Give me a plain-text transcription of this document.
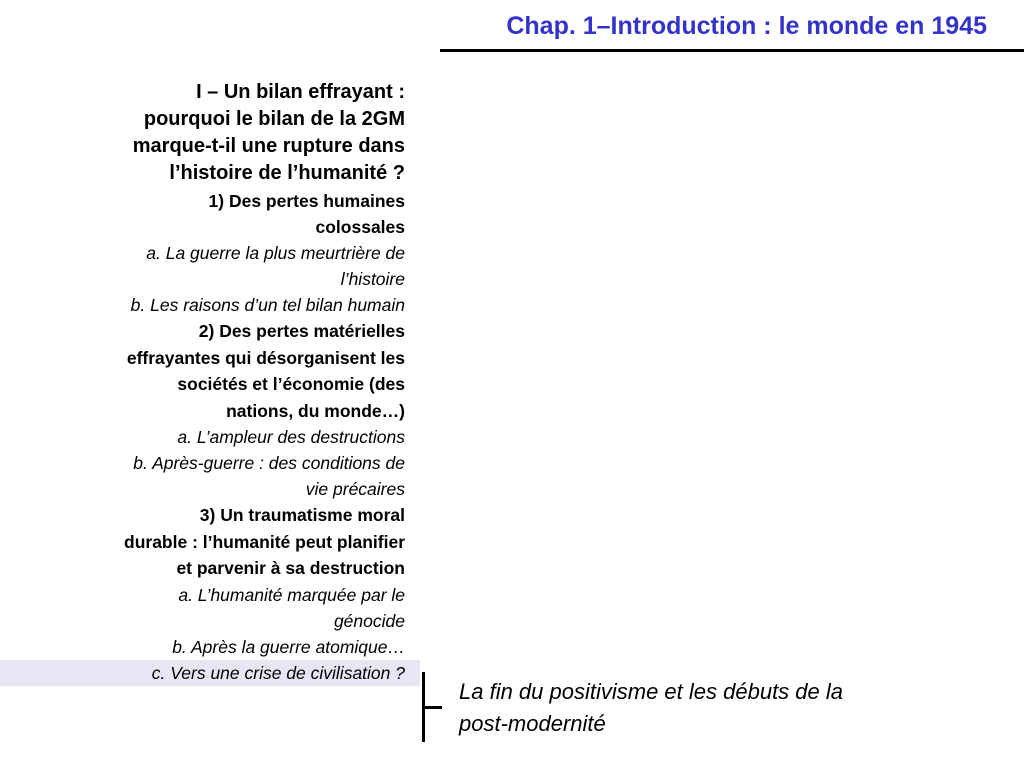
Chap. 1–Introduction : le monde en 1945
I – Un bilan effrayant :
pourquoi le bilan de la 2GM
marque-t-il une rupture dans
l’histoire de l’humanité ?
1) Des pertes humaines
colossales
a. La guerre la plus meurtrière de
l’histoire
b. Les raisons d’un tel bilan humain
2) Des pertes matérielles
effrayantes qui désorganisent les
sociétés et l’économie (des
nations, du monde…)
a. L’ampleur des destructions
b. Après-guerre : des conditions de
vie précaires
3) Un traumatisme moral
durable : l’humanité peut planifier
et parvenir à sa destruction
a. L’humanité marquée par le
génocide
b. Après la guerre atomique…
c. Vers une crise de civilisation ?
La fin du positivisme et les débuts de la
post-modernité
